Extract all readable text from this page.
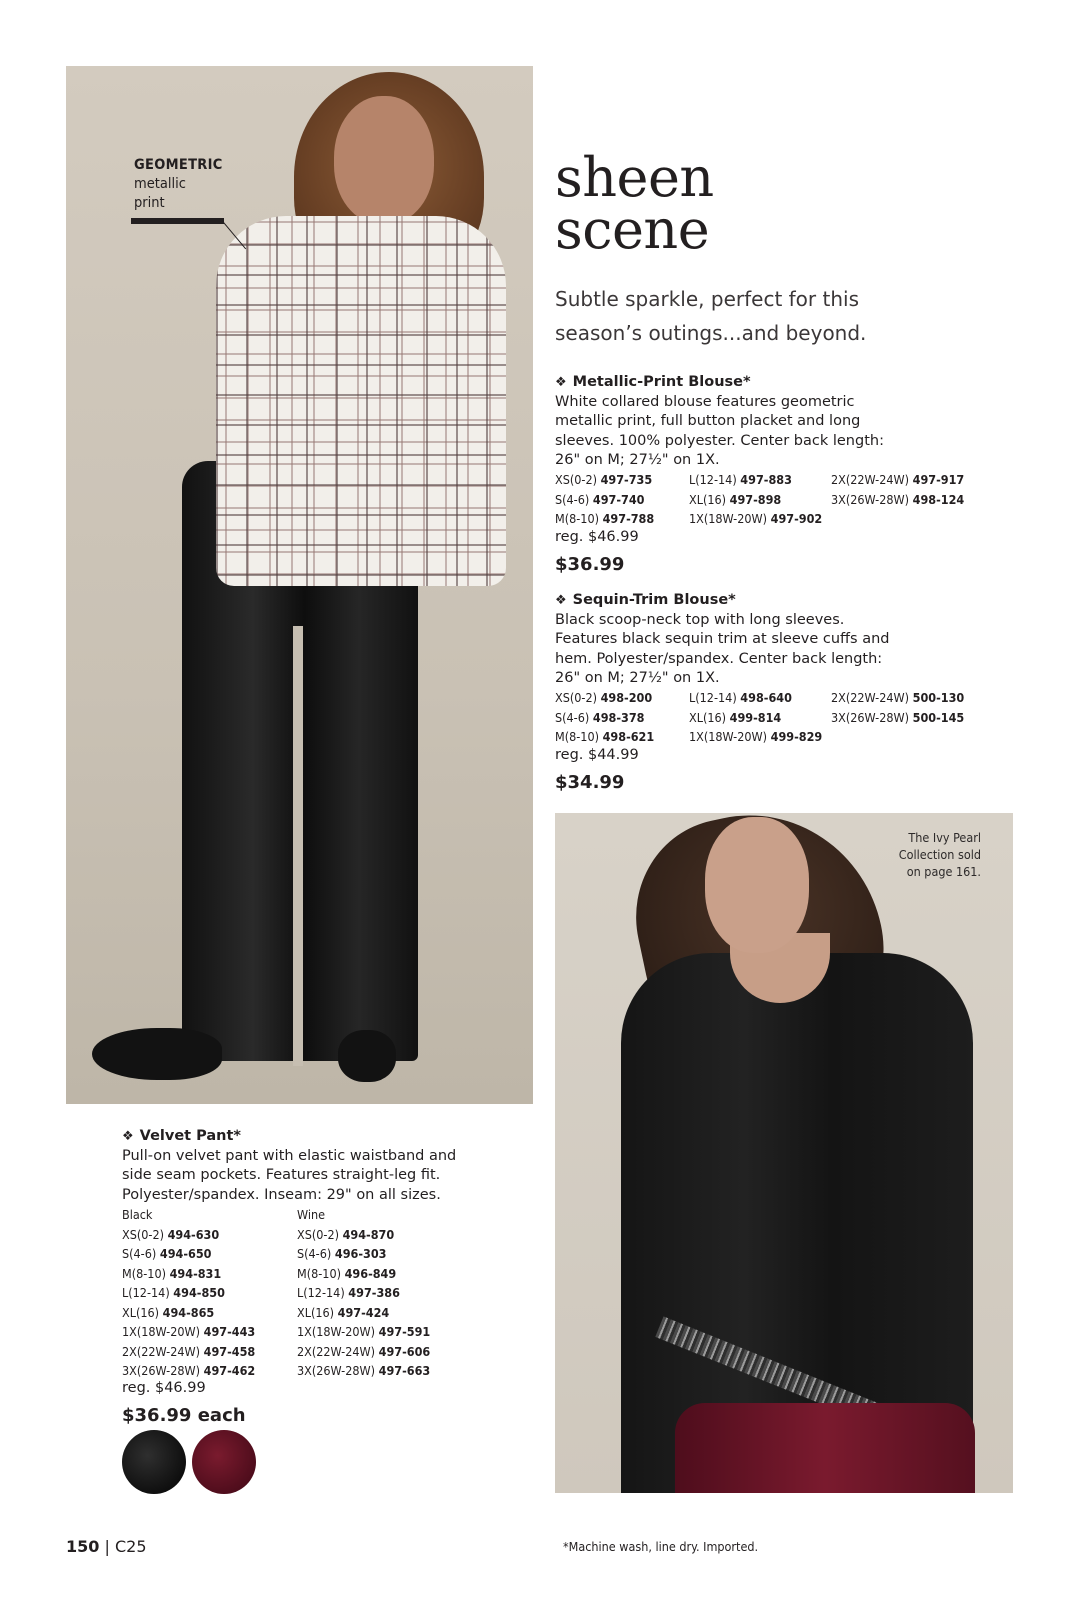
GEOMETRIC
metallic
print	sheen
scene
Subtle sparkle, perfect for this
season’s outings...and beyond.
❖ Metallic-Print Blouse*
White collared blouse features geometric
metallic print, full button placket and long
sleeves. 100% polyester. Center back length:
26" on M; 27½" on 1X.
XS(0-2) 497-735
S(4-6) 497-740
M(8-10) 497-788
L(12-14) 497-883
XL(16) 497-898
1X(18W-20W) 497-902
2X(22W-24W) 497-917
3X(26W-28W) 498-124
reg. $46.99
$36.99
❖ Sequin-Trim Blouse*
Black scoop-neck top with long sleeves.
Features black sequin trim at sleeve cuffs and
hem. Polyester/spandex. Center back length:
26" on M; 27½" on 1X.
XS(0-2) 498-200
S(4-6) 498-378
M(8-10) 498-621
L(12-14) 498-640
XL(16) 499-814
1X(18W-20W) 499-829
2X(22W-24W) 500-130
3X(26W-28W) 500-145
reg. $44.99
$34.99
The Ivy Pearl
Collection sold
on page 161.
❖ Velvet Pant*
Pull-on velvet pant with elastic waistband and
side seam pockets. Features straight-leg fit.
Polyester/spandex. Inseam: 29" on all sizes.
Black
XS(0-2) 494-630
S(4-6) 494-650
M(8-10) 494-831
L(12-14) 494-850
XL(16) 494-865
1X(18W-20W) 497-443
2X(22W-24W) 497-458
3X(26W-28W) 497-462
Wine
XS(0-2) 494-870
S(4-6) 496-303
M(8-10) 496-849
L(12-14) 497-386
XL(16) 497-424
1X(18W-20W) 497-591
2X(22W-24W) 497-606
3X(26W-28W) 497-663
reg. $46.99
$36.99 each
150 | C25	*Machine wash, line dry. Imported.
